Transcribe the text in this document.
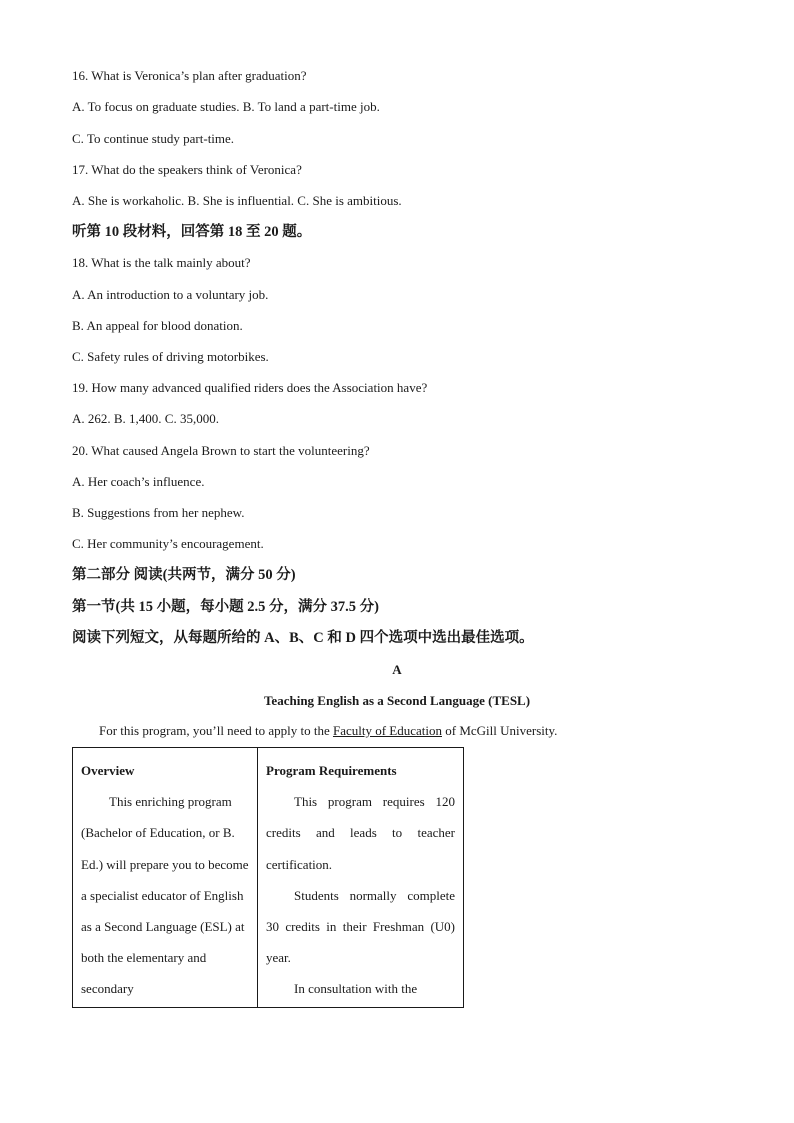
16. What is Veronica’s plan after graduation?
A. To focus on graduate studies. B. To land a part-time job.
C. To continue study part-time.
17. What do the speakers think of Veronica?
A. She is workaholic. B. She is influential. C. She is ambitious.
听第 10 段材料，回答第 18 至 20 题。
18. What is the talk mainly about?
A. An introduction to a voluntary job.
B. An appeal for blood donation.
C. Safety rules of driving motorbikes.
19. How many advanced qualified riders does the Association have?
A. 262. B. 1,400. C. 35,000.
20. What caused Angela Brown to start the volunteering?
A. Her coach’s influence.
B. Suggestions from her nephew.
C. Her community’s encouragement.
第二部分 阅读(共两节，满分 50 分)
第一节(共 15 小题，每小题 2.5 分，满分 37.5 分)
阅读下列短文，从每题所给的 A、B、C 和 D 四个选项中选出最佳选项。
A
Teaching English as a Second Language (TESL)
For this program, you’ll need to apply to the Faculty of Education of McGill University.
Overview
This enriching program (Bachelor of Education, or B. Ed.) will prepare you to become a specialist educator of English as a Second Language (ESL) at both the elementary and secondary

Program Requirements
This program requires 120 credits and leads to teacher certification.
Students normally complete 30 credits in their Freshman (U0) year.
In consultation with the
